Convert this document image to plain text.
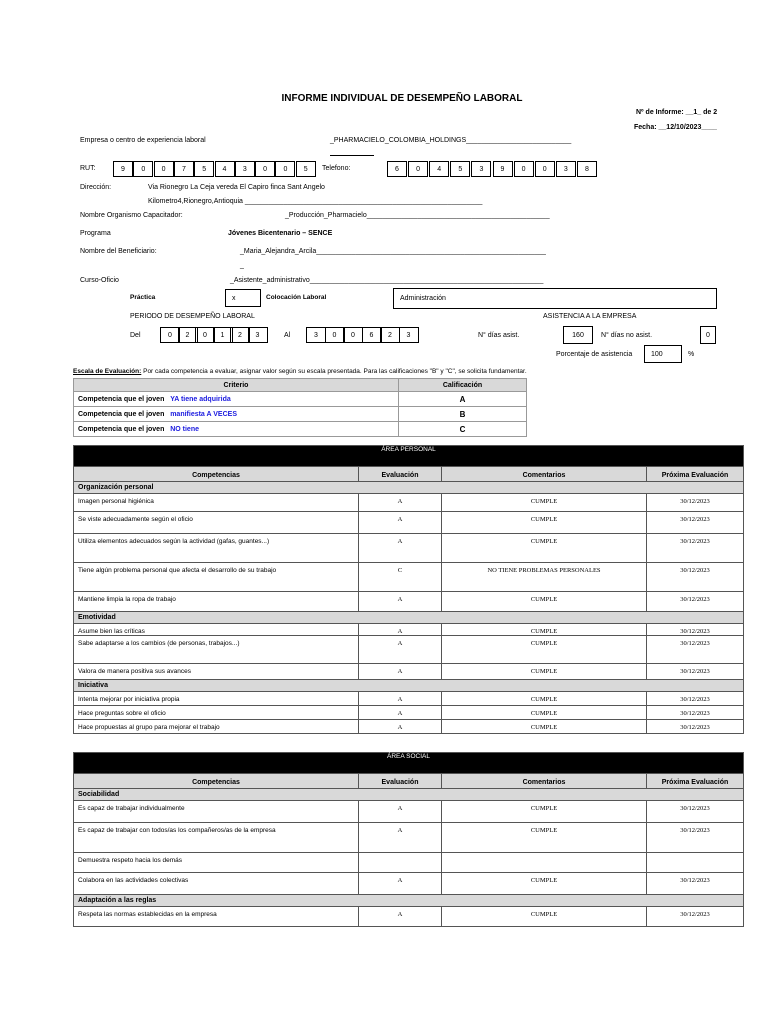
INFORME INDIVIDUAL DE DESEMPEÑO LABORAL
Nº de Informe: __1_ de 2
Fecha: __12/10/2023____
Empresa o centro de experiencia laboral	_PHARMACIELO_COLOMBIA_HOLDINGS___________________________
RUT:	9	0	0	7	5	4	3	0	0	5	Telefono:	6	0	4	5	3	9	0	0	3	8
Dirección:	Via Rionegro La Ceja vereda El Capiro finca Sant Angelo
Kilometro4,Rionegro,Antioquia _____________________________________________________________
Nombre Organismo Capacitador:	_Producción_Pharmacielo_______________________________________________
Programa	Jóvenes Bicentenario – SENCE
Nombre del Beneficiario:	_Maria_Alejandra_Arcila___________________________________________________________
_
Curso-Oficio	_Asistente_administrativo____________________________________________________________
Práctica	x	Colocación Laboral	Administración
PERIODO DE DESEMPEÑO LABORAL	ASISTENCIA A LA EMPRESA
Del	0	2	0	1	2	3	Al	3	0	0	6	2	3	N° días asist.	160	N° días no asist.	0
Porcentaje de asistencia	100	%
Escala de Evaluación: Por cada competencia a evaluar, asignar valor según su escala presentada. Para las calificaciones "B" y "C", se solicita fundamentar.
Criterio	Calificación
Competencia que el joven YA tiene adquirida	A
Competencia que el joven manifiesta A VECES	B
Competencia que el joven NO tiene	C
ÁREA PERSONAL			
Competencias	Evaluación	Comentarios	Próxima Evaluación
Organización personal			
Imagen personal higiénica	A	CUMPLE	30/12/2023
Se viste adecuadamente según el oficio	A	CUMPLE	30/12/2023
Utiliza elementos adecuados según la actividad (gafas, guantes...)	A	CUMPLE	30/12/2023
Tiene algún problema personal que afecta el desarrollo de su trabajo	C	NO TIENE PROBLEMAS PERSONALES	30/12/2023
Mantiene limpia la ropa de trabajo	A	CUMPLE	30/12/2023
Emotividad			
Asume bien las críticas	A	CUMPLE	30/12/2023
Sabe adaptarse a los cambios (de personas, trabajos...)	A	CUMPLE	30/12/2023
Valora de manera positiva sus avances	A	CUMPLE	30/12/2023
Iniciativa			
Intenta mejorar por iniciativa propia	A	CUMPLE	30/12/2023
Hace preguntas sobre el oficio	A	CUMPLE	30/12/2023
Hace propuestas al grupo para mejorar el trabajo	A	CUMPLE	30/12/2023
ÁREA SOCIAL			
Competencias	Evaluación	Comentarios	Próxima Evaluación
Sociabilidad			
Es capaz de trabajar individualmente	A	CUMPLE	30/12/2023
Es capaz de trabajar con todos/as los compañeros/as de la empresa	A	CUMPLE	30/12/2023
Demuestra respeto hacia los demás			
Colabora en las actividades colectivas	A	CUMPLE	30/12/2023
Adaptación a las reglas			
Respeta las normas establecidas en la empresa	A	CUMPLE	30/12/2023
